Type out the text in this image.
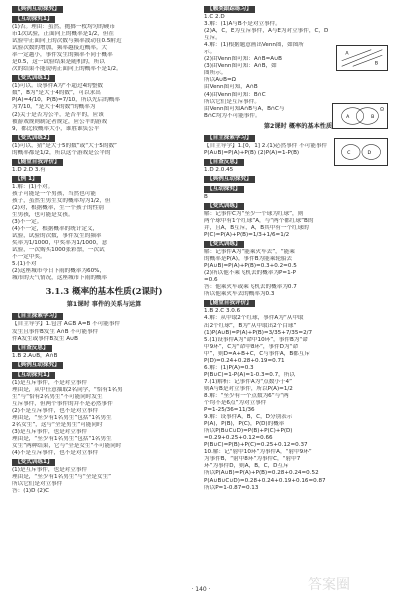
【典例互动探究】
【互动探究1】
(1)否。理由：虽然，抛掷一枚均匀的硬币
币1次试验，正面向上的概率是1/2，但在
试验中正面向上的次数与频率波动在0.5附近
试验次数的增加，频率越接近概率。大
率一定越小，事件发生的频率不同于概率
是0.5，这一试验结果是随机的，所以
次的结果不能说明正面向上的概率不是1/2。
【变式训练1】
(1)可以。设事件A为“不超过4的整数
数”，B为“是大于4的数”，可以求出
P(A)=4/10，P(B)=7/10，所以先后的概率
为7/10，“是大于4的数”的概率为
(2)关于是否为公平，是否平的，应该
被游戏规则制定者规定，应公平的游戏
9，都比较概率大小，谁胜谁负公平
【变式训练2】
(1)可以，猜“是大于5的数”或“大于5的数”
的概率都是1/2，所以这个游戏是公平的
【随堂自我评价】
1.D 2.D 3.有
【例 1】
1.解：(1)不对。
孩子可能是一个男孩，当然也可能
孩子，虽然生男生女的概率均为1/2，但
(2)对，根据概率，生一个孩子的性别
生男孩，也可能是女孩。
(3)不一定。
(4)不一定，根据概率的统计定义，
试验，试验的次数，事件发生的频率
奖率为1/1000，中奖率为1/1000，意
试验，一次购买1000张彩票，一次试
不一定中奖。
5.(1)不对
(2)这座城市今日下雨的概率为60%，
城市的天气情况，这座城市下雨的概率
3.1.3 概率的基本性质(2课时)
第1课时 事件的关系与运算
【自主探索学习】
【自主导学】1.包含 A⊆B A=B 不可能事件
发生且事件B发生 A∩B 不可能事件
件A发生或事件B发生 A∪B
【自查反思】
1.B 2.A∪B，A∩B
【典例互动探究】
【互动探究1】
(1)是互斥事件，不是对立事件
理由是，从中任意抽取2名同学，“恰有1名男
生”与“恰有2名男生”不可能同时发生
互斥事件，但两个事件的并不是必然事件
(2)不是互斥事件，也不是对立事件
理由是，“至少有1名男生”包括“1名男生
2名女生”，这与“全是男生”可能同时
(3)是互斥事件，也是对立事件
理由是，“至少有1名男生”包括“1名男生
女生”两种结果，它与“全是女生”不可能同时
(4)不是互斥事件，也不是对立事件
【变式训练1】
(1)是互斥事件，也是对立事件
理由是，“至少有1名男生”与“全是女生”
所以它们是对立事件
答：(1)D (2)C
【触类跟踪练习】
1.C 2.D
3.解：(1)A与B不是对立事件。
(2)A，C，E为互斥事件，A与E为对立事件，C，D
互斥。
4.解：(1)根据题意画出Venn图，如图所
示。
(2)由Venn图可知：A∩B=A∪B
(3)由Venn图可知：A∩B，如
图所示。
所以A∪B=Ω
由Venn图可知，A∩B
(4)由Venn图可知：B∩C
所以它们是互斥事件。
由Venn图可知A∩B与A，B∩C与
B∩C均为不可能事件。
第2课时 概率的基本性质
【自主探索学习】
【自主导学】1.[0，1] 2.(1)必然事件 不可能事件
P(A∪B)=P(A)+P(B) (2)P(A)=1-P(B)
【自查反思】
1.D 2.0.45
【典例互动探究】
【互动探究】
B
【变式训练】
解：记事件C为“至少一个球为红球”，则
两个球中有1个红球”A，与“两个都红球”B的
并，且A，B互斥，A，B其中有一个红球的
P(C)=P(A)+P(B)=1/3+1/6=1/2
【变式训练】
解：记事件A为“能乘火车去”，“能乘
的概率是P(A)，事件B为能乘轮船去
P(A∪B)=P(A)+P(B)=0.3+0.2=0.5
(2)所以他不乘飞机去的概率为P=1-P
=0.6
答：他乘火车或乘飞机去的概率为0.7
所以他乘火车去的概率为0.3
【随堂自我评价】
1.B 2.C 3.0.6
4.解：从中取2个红球，事件A为“从中取
出2个红球”，B为“从中取出2个白球”
(1)P(A∪B)=P(A)+P(B)=3/35+7/35=2/7
5.(1)设事件A为“命中10环”，事件B为“命
中9环”，C为“命中8环”，事件D为“命
中”，则D=A+B+C，C与事件A，B都互斥
P(D)=0.24+0.28+0.19=0.71
6.解：(1)P(A)=0.3
P(B∪C)=1-P(A)=1-0.3=0.7，所以
7.(1)解析：记事件A为“点数小于4”
则A与B是对立事件，所以P(A)=1/2
8.解：“至少有一个点数为6”与“两
个均不是6点”为对立事件
P=1-25/36=11/36
9.解：设事件A，B，C，D分别表示
P(A)，P(B)，P(C)，P(D)的概率
所以P(B∪C∪D)=P(B)+P(C)+P(D)
=0.29+0.25+0.12=0.66
P(B∪C)=P(B)+P(C)=0.25+0.12=0.37
10.解：记“射中10环”为事件A，“射中9环”
为事件B，“射中8环”为事件C，“射中7
环”为事件D，则A，B，C，D互斥
所以P(A∪B)=P(A)+P(B)=0.28+0.24=0.52
P(A∪B∪C∪D)=0.28+0.24+0.19+0.16=0.87
所以P=1-0.87=0.13
A
B
A	B
Ω
C	D
· 140 ·	答案圈
